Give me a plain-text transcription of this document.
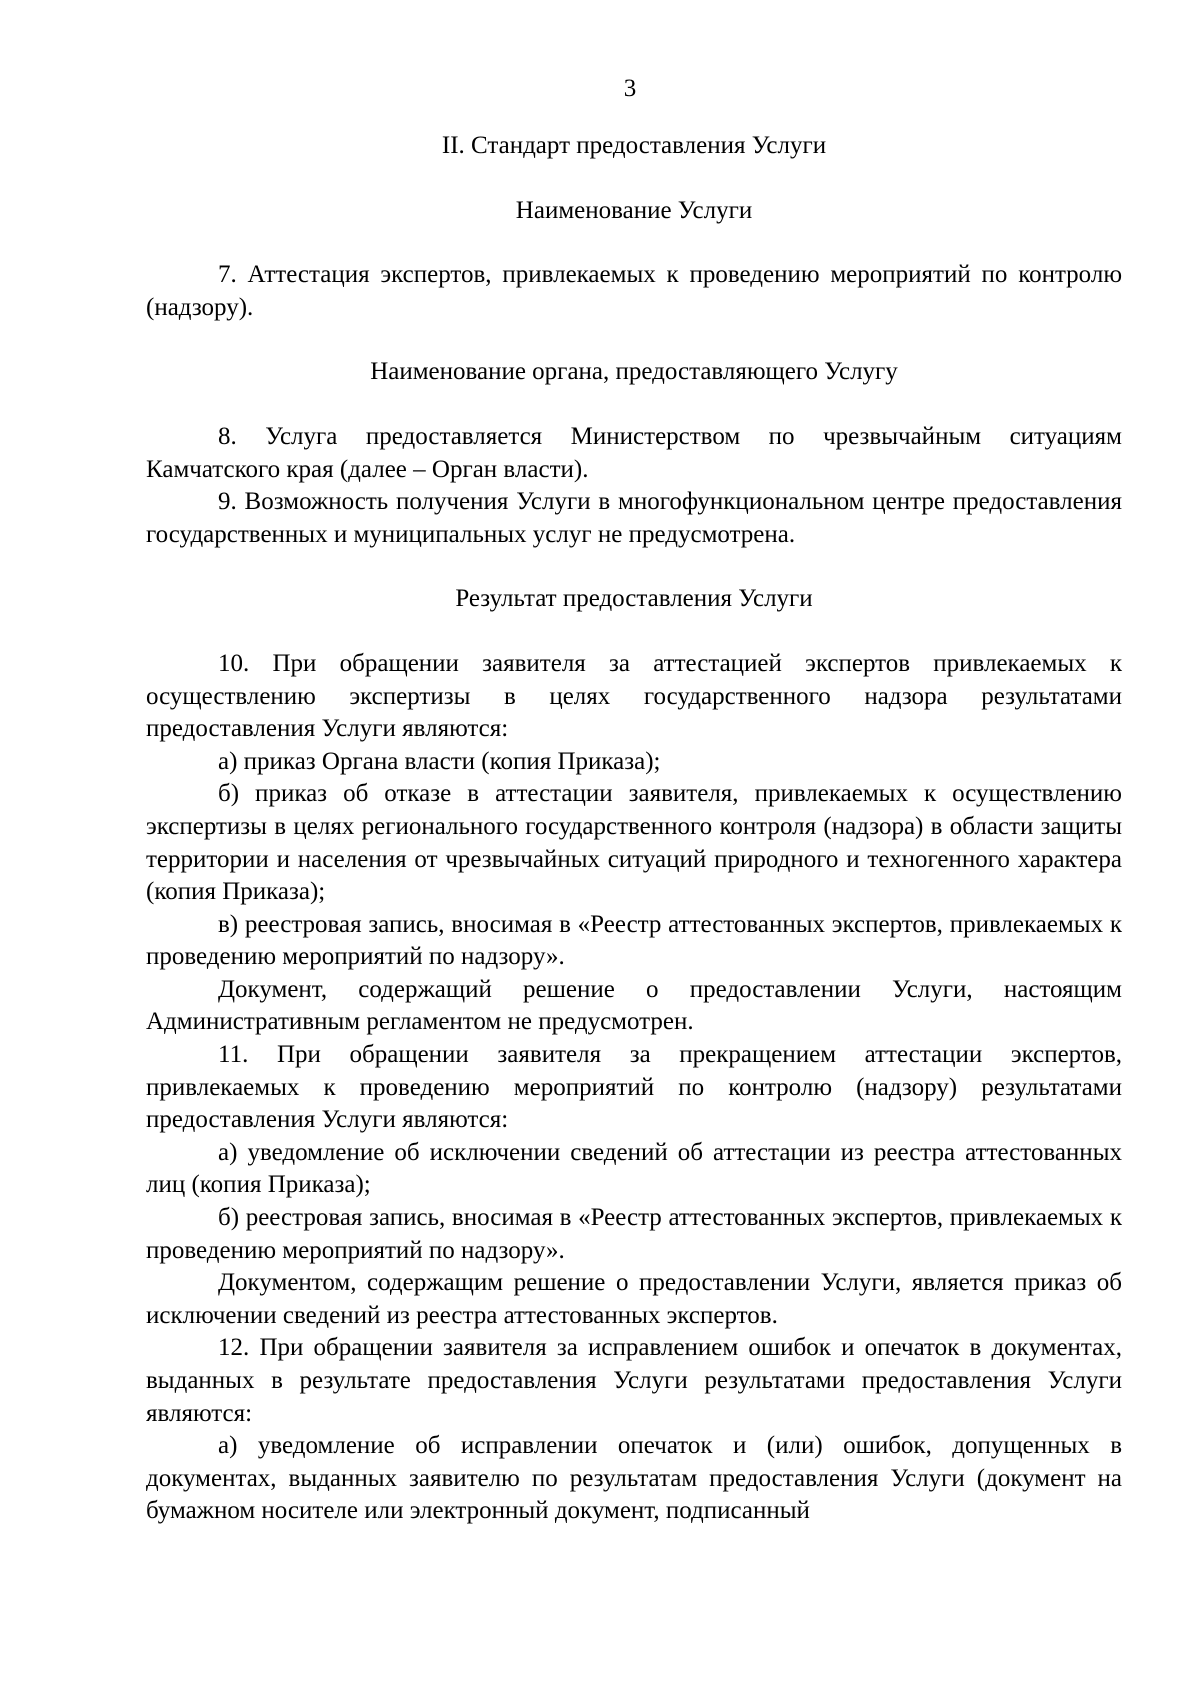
3

II. Стандарт предоставления Услуги

Наименование Услуги

7. Аттестация экспертов, привлекаемых к проведению мероприятий по контролю (надзору).

Наименование органа, предоставляющего Услугу

8. Услуга предоставляется Министерством по чрезвычайным ситуациям Камчатского края (далее – Орган власти).

9. Возможность получения Услуги в многофункциональном центре предоставления государственных и муниципальных услуг не предусмотрена.

Результат предоставления Услуги

10. При обращении заявителя за аттестацией экспертов привлекаемых к осуществлению экспертизы в целях государственного надзора результатами предоставления Услуги являются:

а) приказ Органа власти (копия Приказа);

б) приказ об отказе в аттестации заявителя, привлекаемых к осуществлению экспертизы в целях регионального государственного контроля (надзора) в области защиты территории и населения от чрезвычайных ситуаций природного и техногенного характера (копия Приказа);

в) реестровая запись, вносимая в «Реестр аттестованных экспертов, привлекаемых к проведению мероприятий по надзору».

Документ, содержащий решение о предоставлении Услуги, настоящим Административным регламентом не предусмотрен.

11. При обращении заявителя за прекращением аттестации экспертов, привлекаемых к проведению мероприятий по контролю (надзору) результатами предоставления Услуги являются:

а) уведомление об исключении сведений об аттестации из реестра аттестованных лиц (копия Приказа);

б) реестровая запись, вносимая в «Реестр аттестованных экспертов, привлекаемых к проведению мероприятий по надзору».

Документом, содержащим решение о предоставлении Услуги, является приказ об исключении сведений из реестра аттестованных экспертов.

12. При обращении заявителя за исправлением ошибок и опечаток в документах, выданных в результате предоставления Услуги результатами предоставления Услуги являются:

а) уведомление об исправлении опечаток и (или) ошибок, допущенных в документах, выданных заявителю по результатам предоставления Услуги (документ на бумажном носителе или электронный документ, подписанный
